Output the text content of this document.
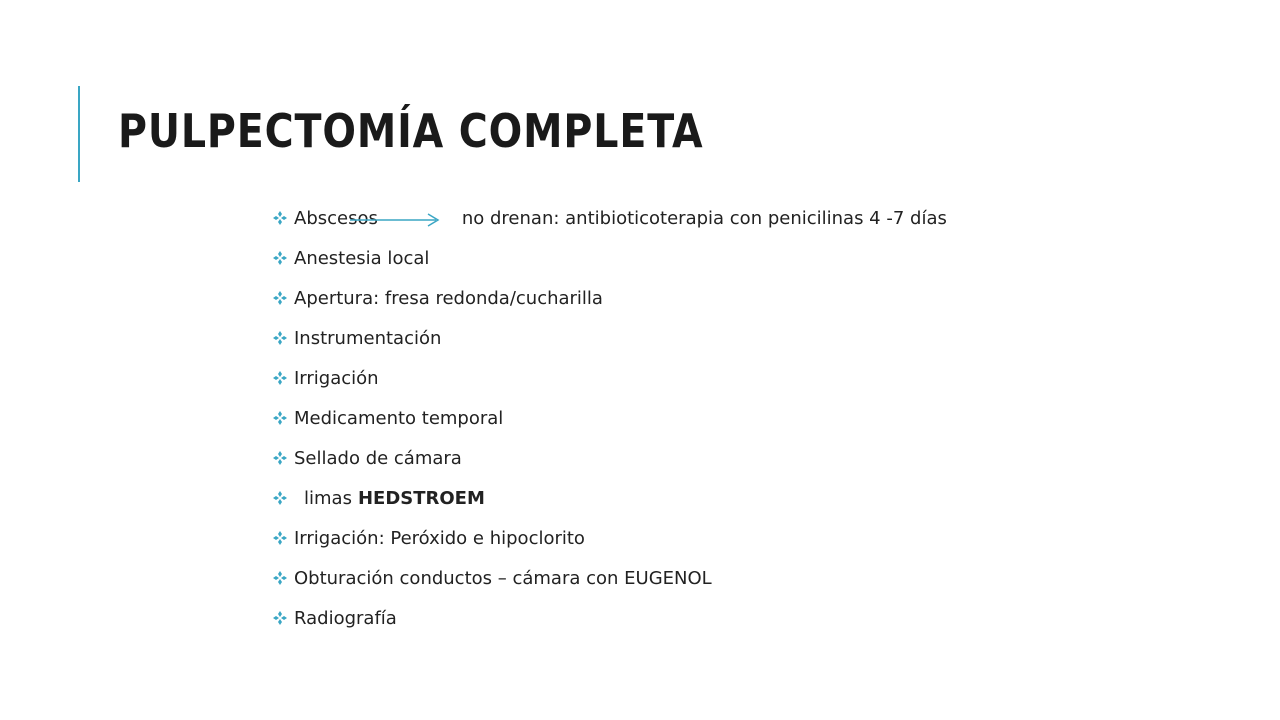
PULPECTOMÍA COMPLETA
Abscesos	no drenan: antibioticoterapia con penicilinas 4 -7 días
Anestesia local
Apertura: fresa redonda/cucharilla
Instrumentación
Irrigación
Medicamento temporal
Sellado de cámara
limas HEDSTROEM
Irrigación: Peróxido e hipoclorito
Obturación conductos – cámara con EUGENOL
Radiografía
